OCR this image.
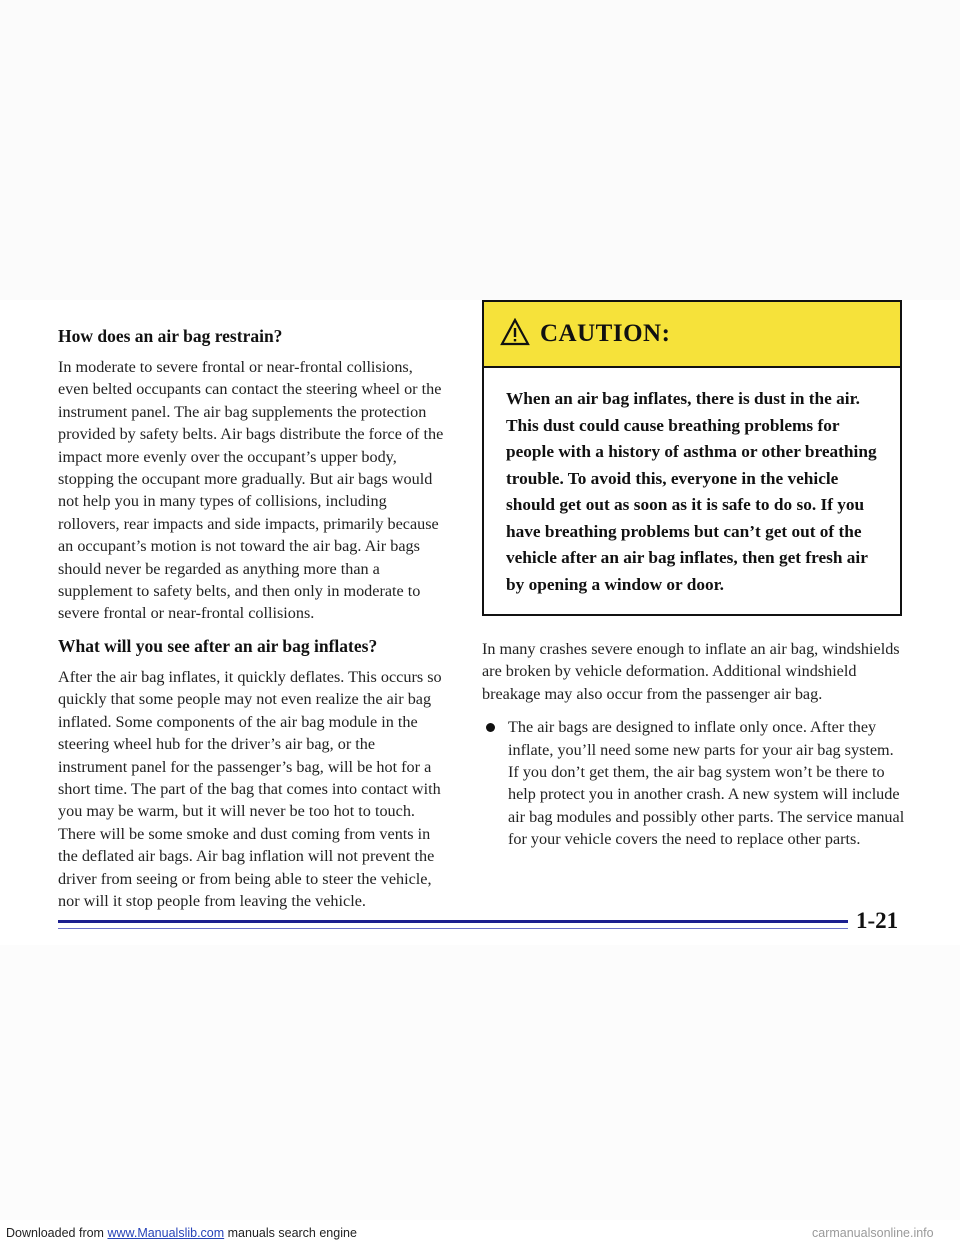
How does an air bag restrain?

In moderate to severe frontal or near-frontal collisions, even belted occupants can contact the steering wheel or the instrument panel. The air bag supplements the protection provided by safety belts. Air bags distribute the force of the impact more evenly over the occupant’s upper body, stopping the occupant more gradually. But air bags would not help you in many types of collisions, including rollovers, rear impacts and side impacts, primarily because an occupant’s motion is not toward the air bag. Air bags should never be regarded as anything more than a supplement to safety belts, and then only in moderate to severe frontal or near-frontal collisions.

What will you see after an air bag inflates?

After the air bag inflates, it quickly deflates. This occurs so quickly that some people may not even realize the air bag inflated. Some components of the air bag module in the steering wheel hub for the driver’s air bag, or the instrument panel for the passenger’s bag, will be hot for a short time. The part of the bag that comes into contact with you may be warm, but it will never be too hot to touch. There will be some smoke and dust coming from vents in the deflated air bags. Air bag inflation will not prevent the driver from seeing or from being able to steer the vehicle, nor will it stop people from leaving the vehicle.

CAUTION:
When an air bag inflates, there is dust in the air. This dust could cause breathing problems for people with a history of asthma or other breathing trouble. To avoid this, everyone in the vehicle should get out as soon as it is safe to do so. If you have breathing problems but can’t get out of the vehicle after an air bag inflates, then get fresh air by opening a window or door.

In many crashes severe enough to inflate an air bag, windshields are broken by vehicle deformation. Additional windshield breakage may also occur from the passenger air bag.

The air bags are designed to inflate only once. After they inflate, you’ll need some new parts for your air bag system. If you don’t get them, the air bag system won’t be there to help protect you in another crash. A new system will include air bag modules and possibly other parts. The service manual for your vehicle covers the need to replace other parts.
1-21
Downloaded from www.Manualslib.com manuals search engine	carmanualsonline.info
